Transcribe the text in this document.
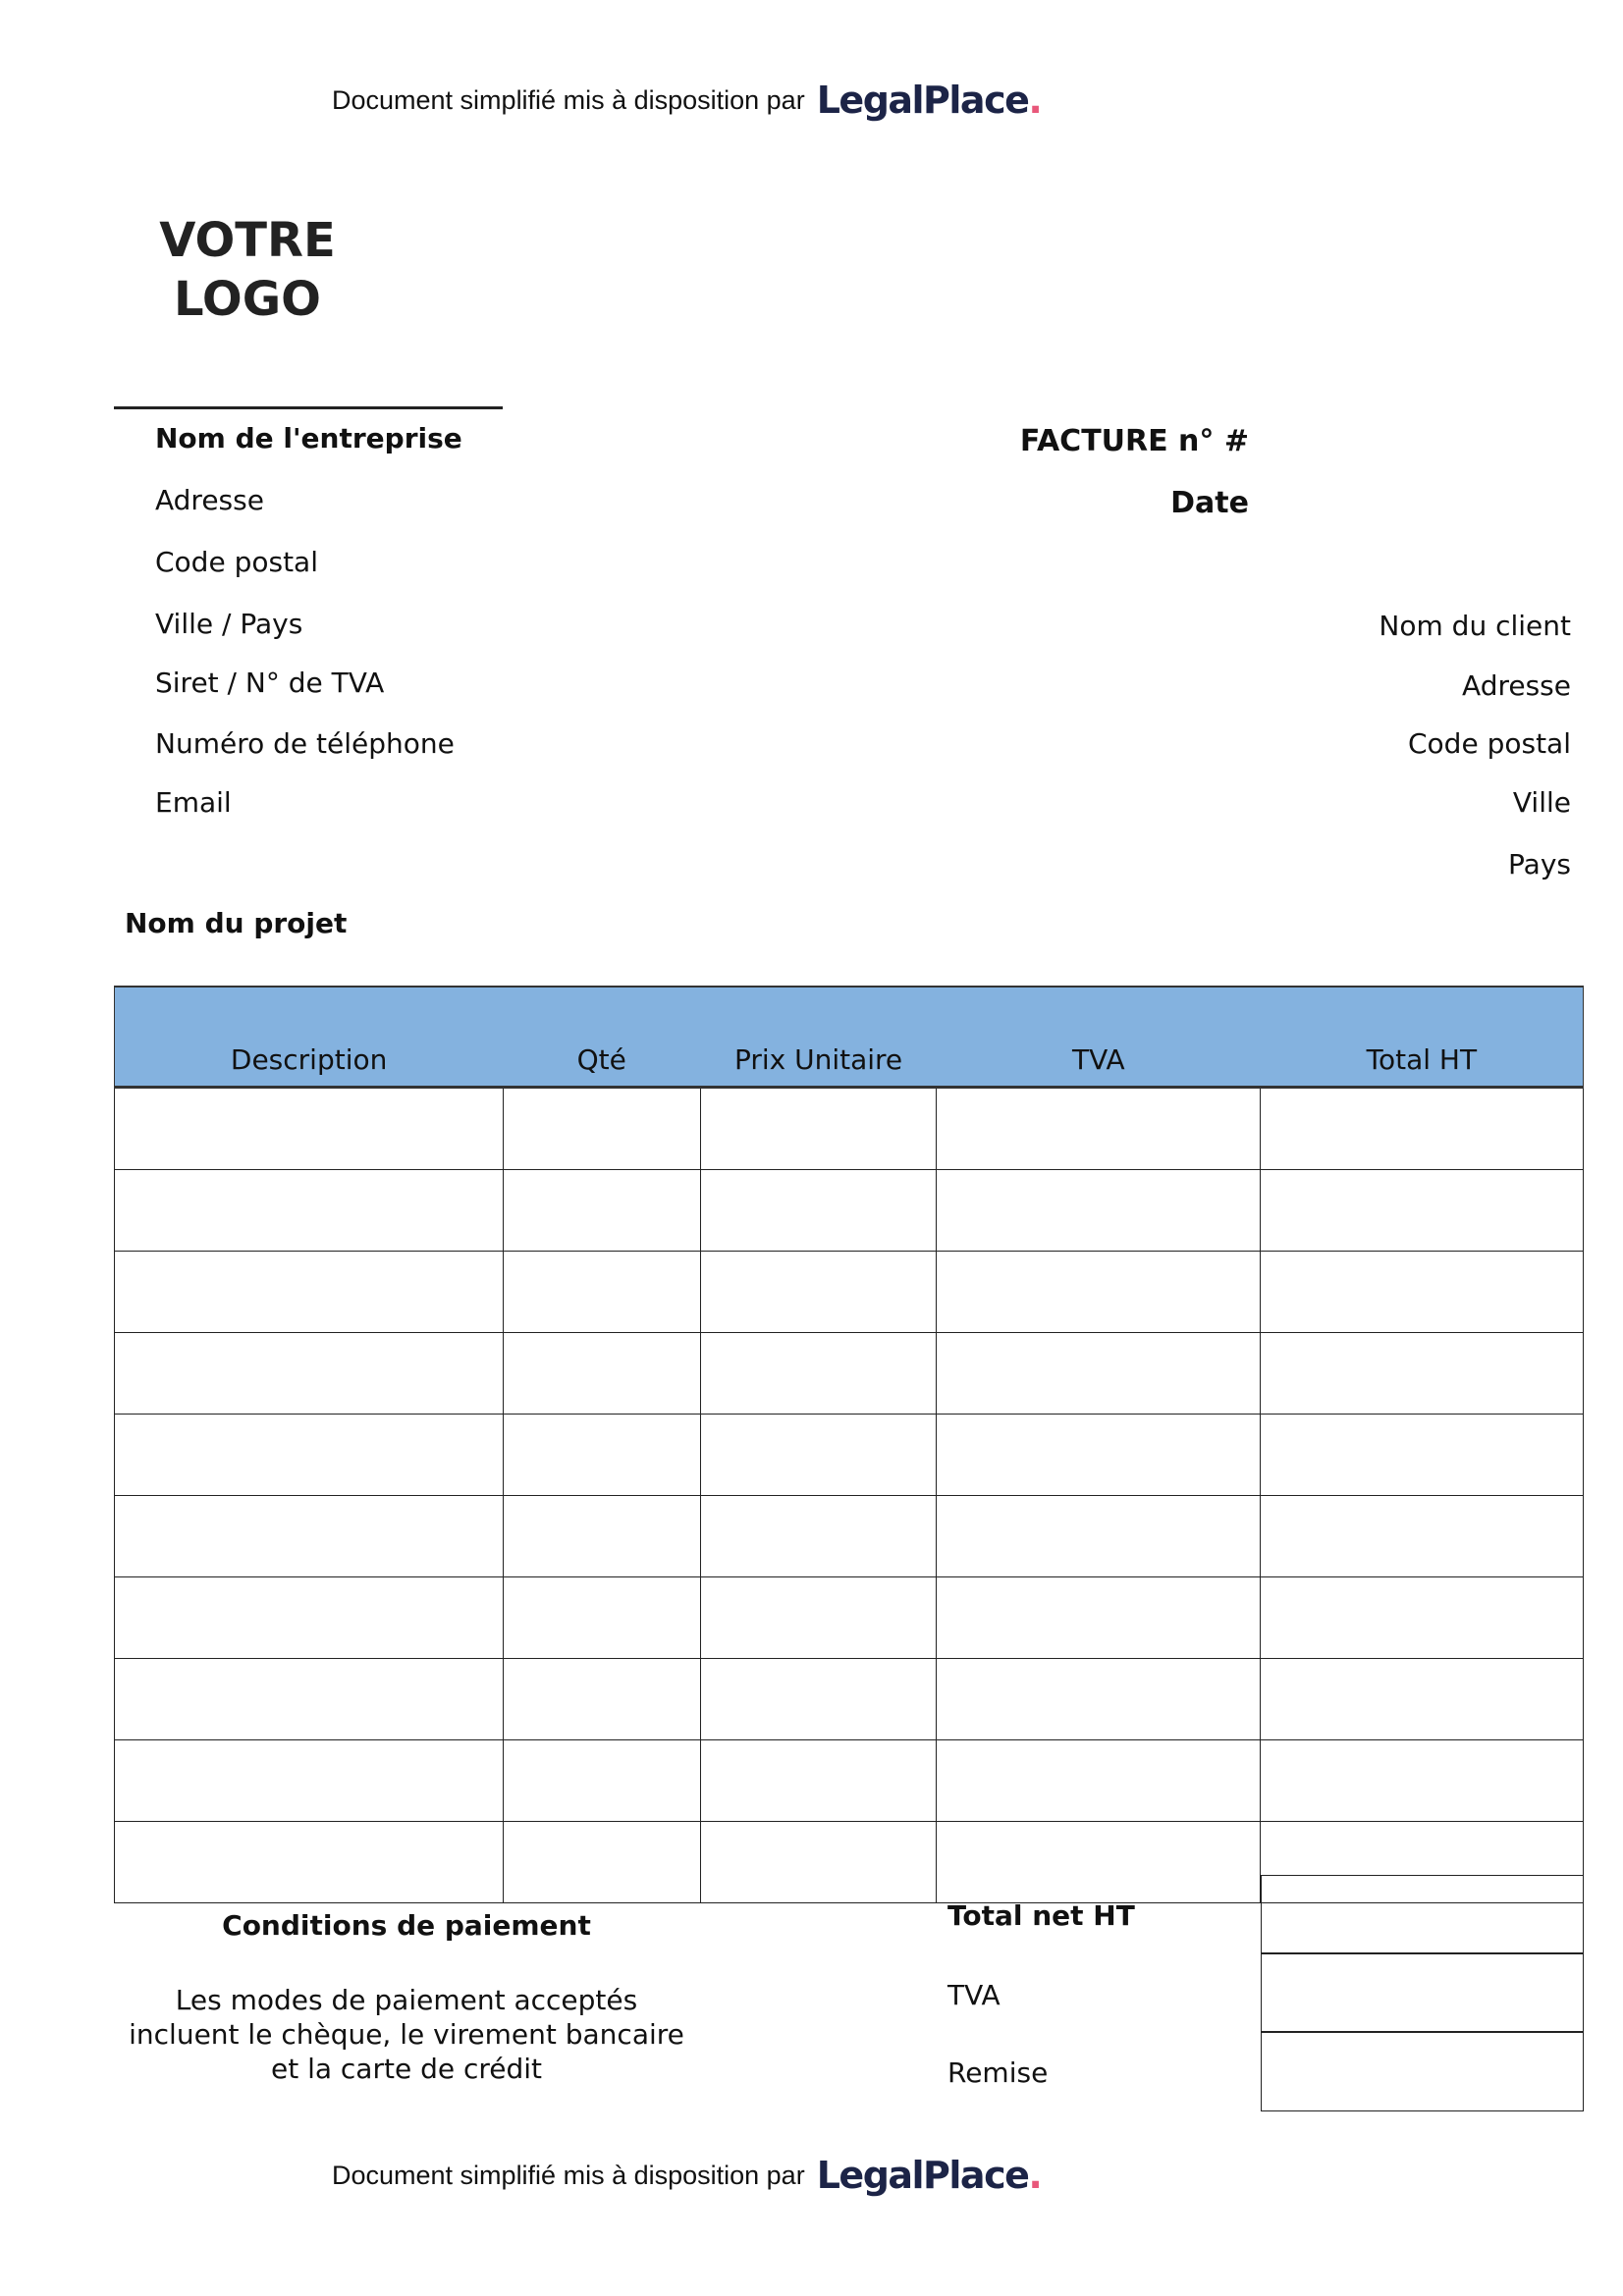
Document simplifié mis à disposition par LegalPlace.
VOTRE
LOGO
Nom de l'entreprise
Adresse
Code postal
Ville / Pays
Siret / N° de TVA
Numéro de téléphone
Email
FACTURE n° #
Date
Nom du client
Adresse
Code postal
Ville
Pays
Nom du projet
Description	Qté	Prix Unitaire	TVA	Total HT

Conditions de paiement
Les modes de paiement acceptés
incluent le chèque, le virement bancaire
et la carte de crédit
Total net HT
TVA
Remise
Document simplifié mis à disposition par LegalPlace.
